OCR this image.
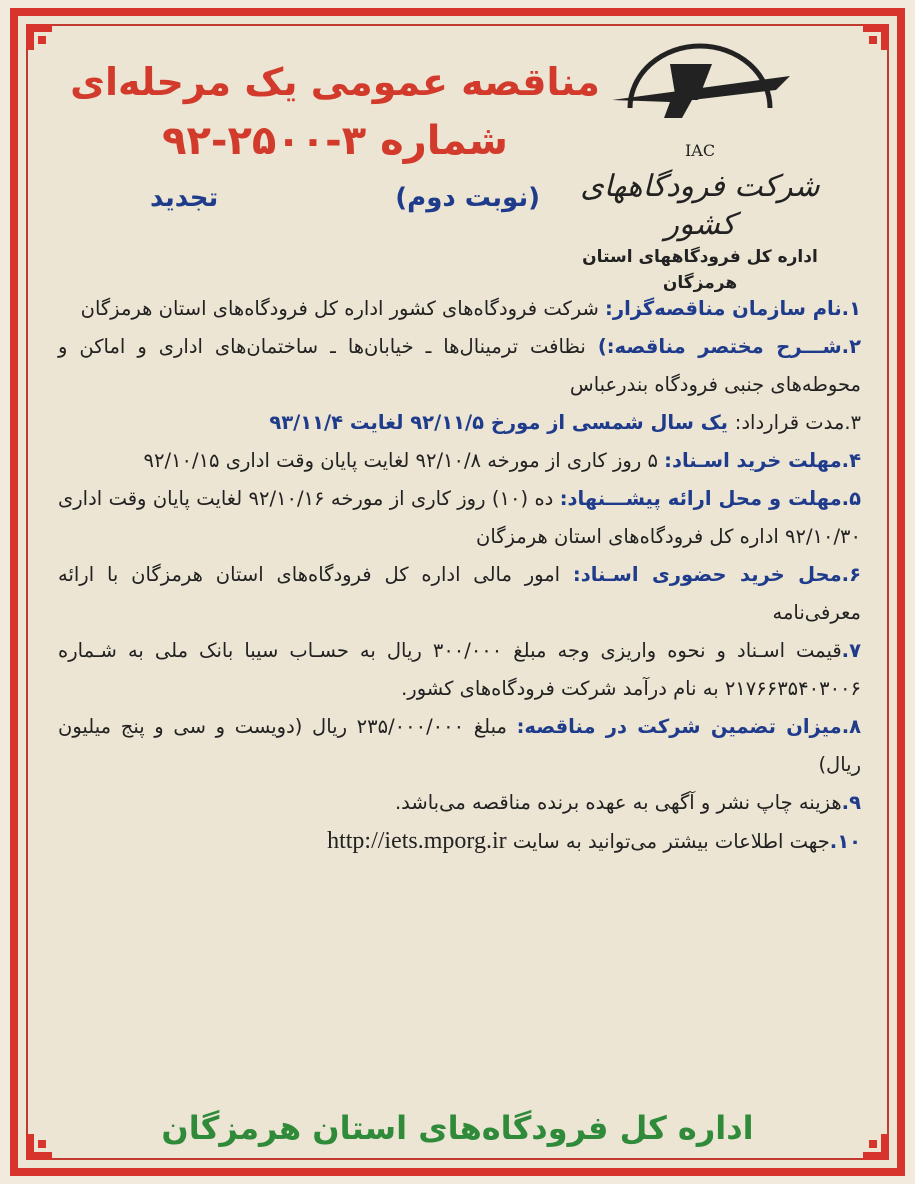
IAC
شرکت فرودگاههای کشور
اداره کل فرودگاههای استان هرمزگان
مناقصه عمومی یک مرحله‌ای
شماره ۳-۲۵۰۰-۹۲
(نوبت دوم)
تجدید

۱.نام سازمان مناقصه‌گزار: شرکت فرودگاه‌های کشور اداره کل فرودگاه‌های استان هرمزگان

۲.شـــرح مختصر مناقصه:) نظافت ترمینال‌ها ـ خیابان‌ها ـ ساختمان‌های اداری و اماکن و محوطه‌های جنبی فرودگاه بندرعباس

۳.مدت قرارداد: یک سال شمسی از مورخ ۹۲/۱۱/۵ لغایت ۹۳/۱۱/۴

۴.مهلت خرید اسـناد: ۵ روز کاری از مورخه ۹۲/۱۰/۸ لغایت پایان وقت اداری ۹۲/۱۰/۱۵

۵.مهلت و محل ارائه پیشـــنهاد: ده (۱۰) روز کاری از مورخه ۹۲/۱۰/۱۶ لغایت پایان وقت اداری ۹۲/۱۰/۳۰ اداره کل فرودگاه‌های استان هرمزگان

۶.محل خرید حضوری اسـناد: امور مالی اداره کل فرودگاه‌های استان هرمزگان با ارائه معرفی‌نامه

۷.قیمت اسـناد و نحوه واریزی وجه مبلغ ۳۰۰/۰۰۰ ریال به حسـاب سیبا بانک ملی به شـماره ۲۱۷۶۶۳۵۴۰۳۰۰۶ به نام درآمد شرکت فرودگاه‌های کشور.

۸.میزان تضمین شرکت در مناقصه: مبلغ ۲۳۵/۰۰۰/۰۰۰ ریال (دویست و سی و پنج میلیون ریال)

۹.هزینه چاپ نشر و آگهی به عهده برنده مناقصه می‌باشد.

۱۰.جهت اطلاعات بیشتر می‌توانید به سایت http://iets.mporg.ir

اداره کل فرودگاه‌های استان هرمزگان
